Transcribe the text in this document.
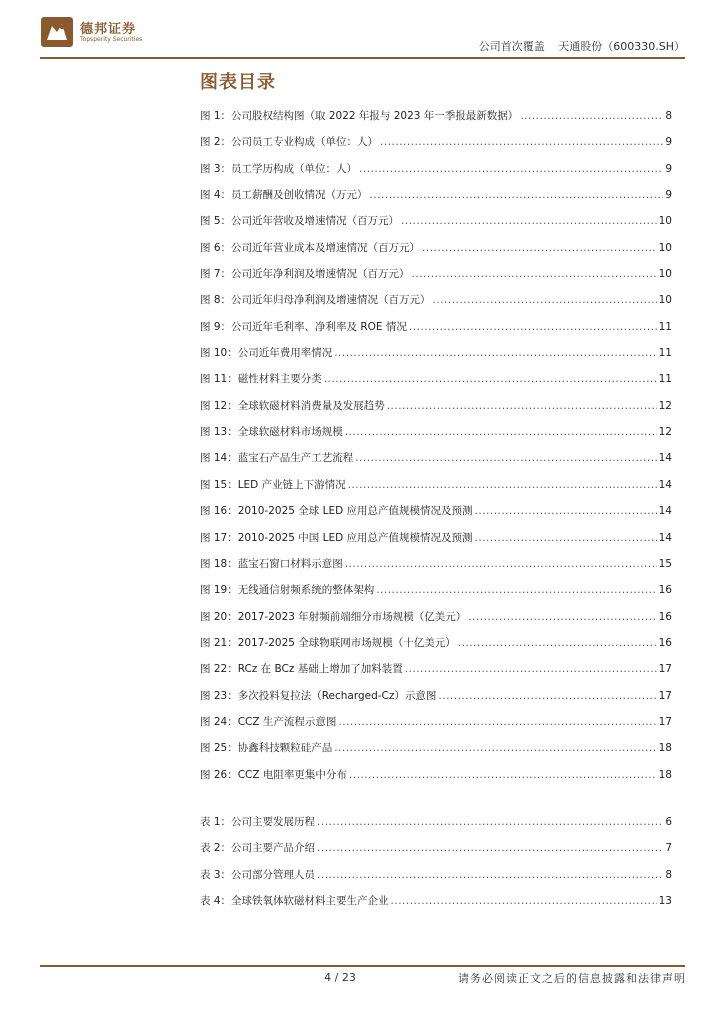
德邦证券
Topsperity Securities
公司首次覆盖 天通股份（600330.SH）
图表目录
图 1：公司股权结构图（取 2022 年报与 2023 年一季报最新数据） .....	8
图 2：公司员工专业构成（单位：人） .....	9
图 3：员工学历构成（单位：人） .....	9
图 4：员工薪酬及创收情况（万元） .....	9
图 5：公司近年营收及增速情况（百万元） .....	10
图 6：公司近年营业成本及增速情况（百万元） .....	10
图 7：公司近年净利润及增速情况（百万元） .....	10
图 8：公司近年归母净利润及增速情况（百万元） .....	10
图 9：公司近年毛利率、净利率及 ROE 情况 .....	11
图 10：公司近年费用率情况 .....	11
图 11：磁性材料主要分类 .....	11
图 12：全球软磁材料消费量及发展趋势 .....	12
图 13：全球软磁材料市场规模 .....	12
图 14：蓝宝石产品生产工艺流程 .....	14
图 15：LED 产业链上下游情况 .....	14
图 16：2010-2025 全球 LED 应用总产值规模情况及预测 .....	14
图 17：2010-2025 中国 LED 应用总产值规模情况及预测 .....	14
图 18：蓝宝石窗口材料示意图 .....	15
图 19：无线通信射频系统的整体架构 .....	16
图 20：2017-2023 年射频前端细分市场规模（亿美元） .....	16
图 21：2017-2025 全球物联网市场规模（十亿美元） .....	16
图 22：RCz 在 BCz 基础上增加了加料装置 .....	17
图 23：多次投料复拉法（Recharged-Cz）示意图 .....	17
图 24：CCZ 生产流程示意图 .....	17
图 25：协鑫科技颗粒硅产品 .....	18
图 26：CCZ 电阻率更集中分布 .....	18
表 1：公司主要发展历程 .....	6
表 2：公司主要产品介绍 .....	7
表 3：公司部分管理人员 .....	8
表 4：全球铁氧体软磁材料主要生产企业 .....	13
4 / 23	请务必阅读正文之后的信息披露和法律声明
